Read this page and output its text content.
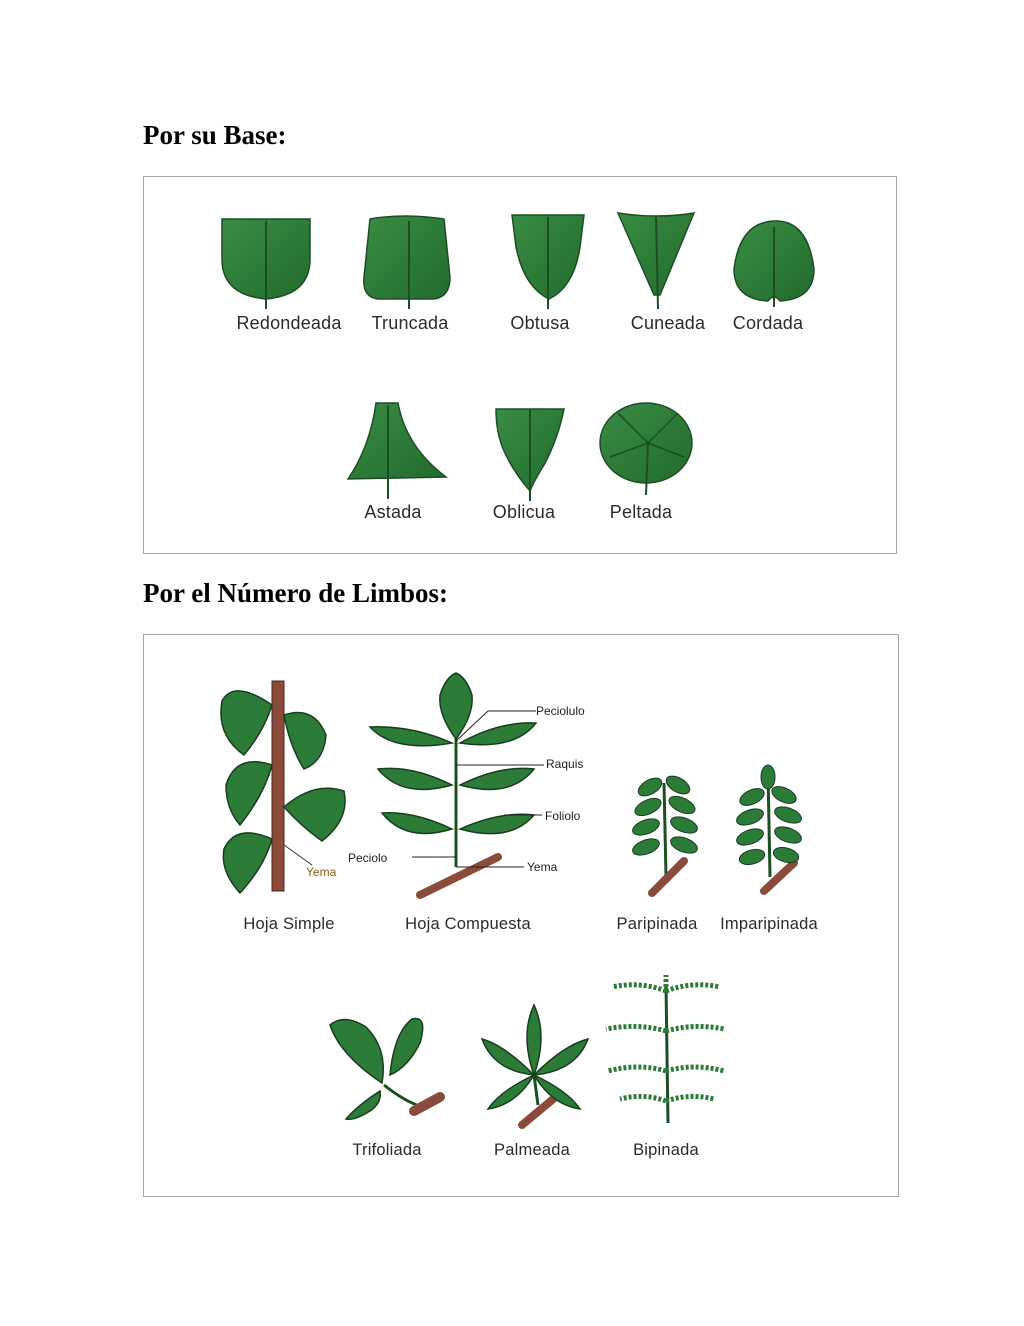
Por su Base:
Redondeada Truncada	Obtusa	Cuneada Cordada
Astada	Oblicua	Peltada
Por el Número de Limbos:
Peciolulo
Raquis
Foliolo
Yema
Peciolo
Yema
Hoja Simple	Hoja Compuesta	Paripinada Imparipinada
Trifoliada	Palmeada	Bipinada
